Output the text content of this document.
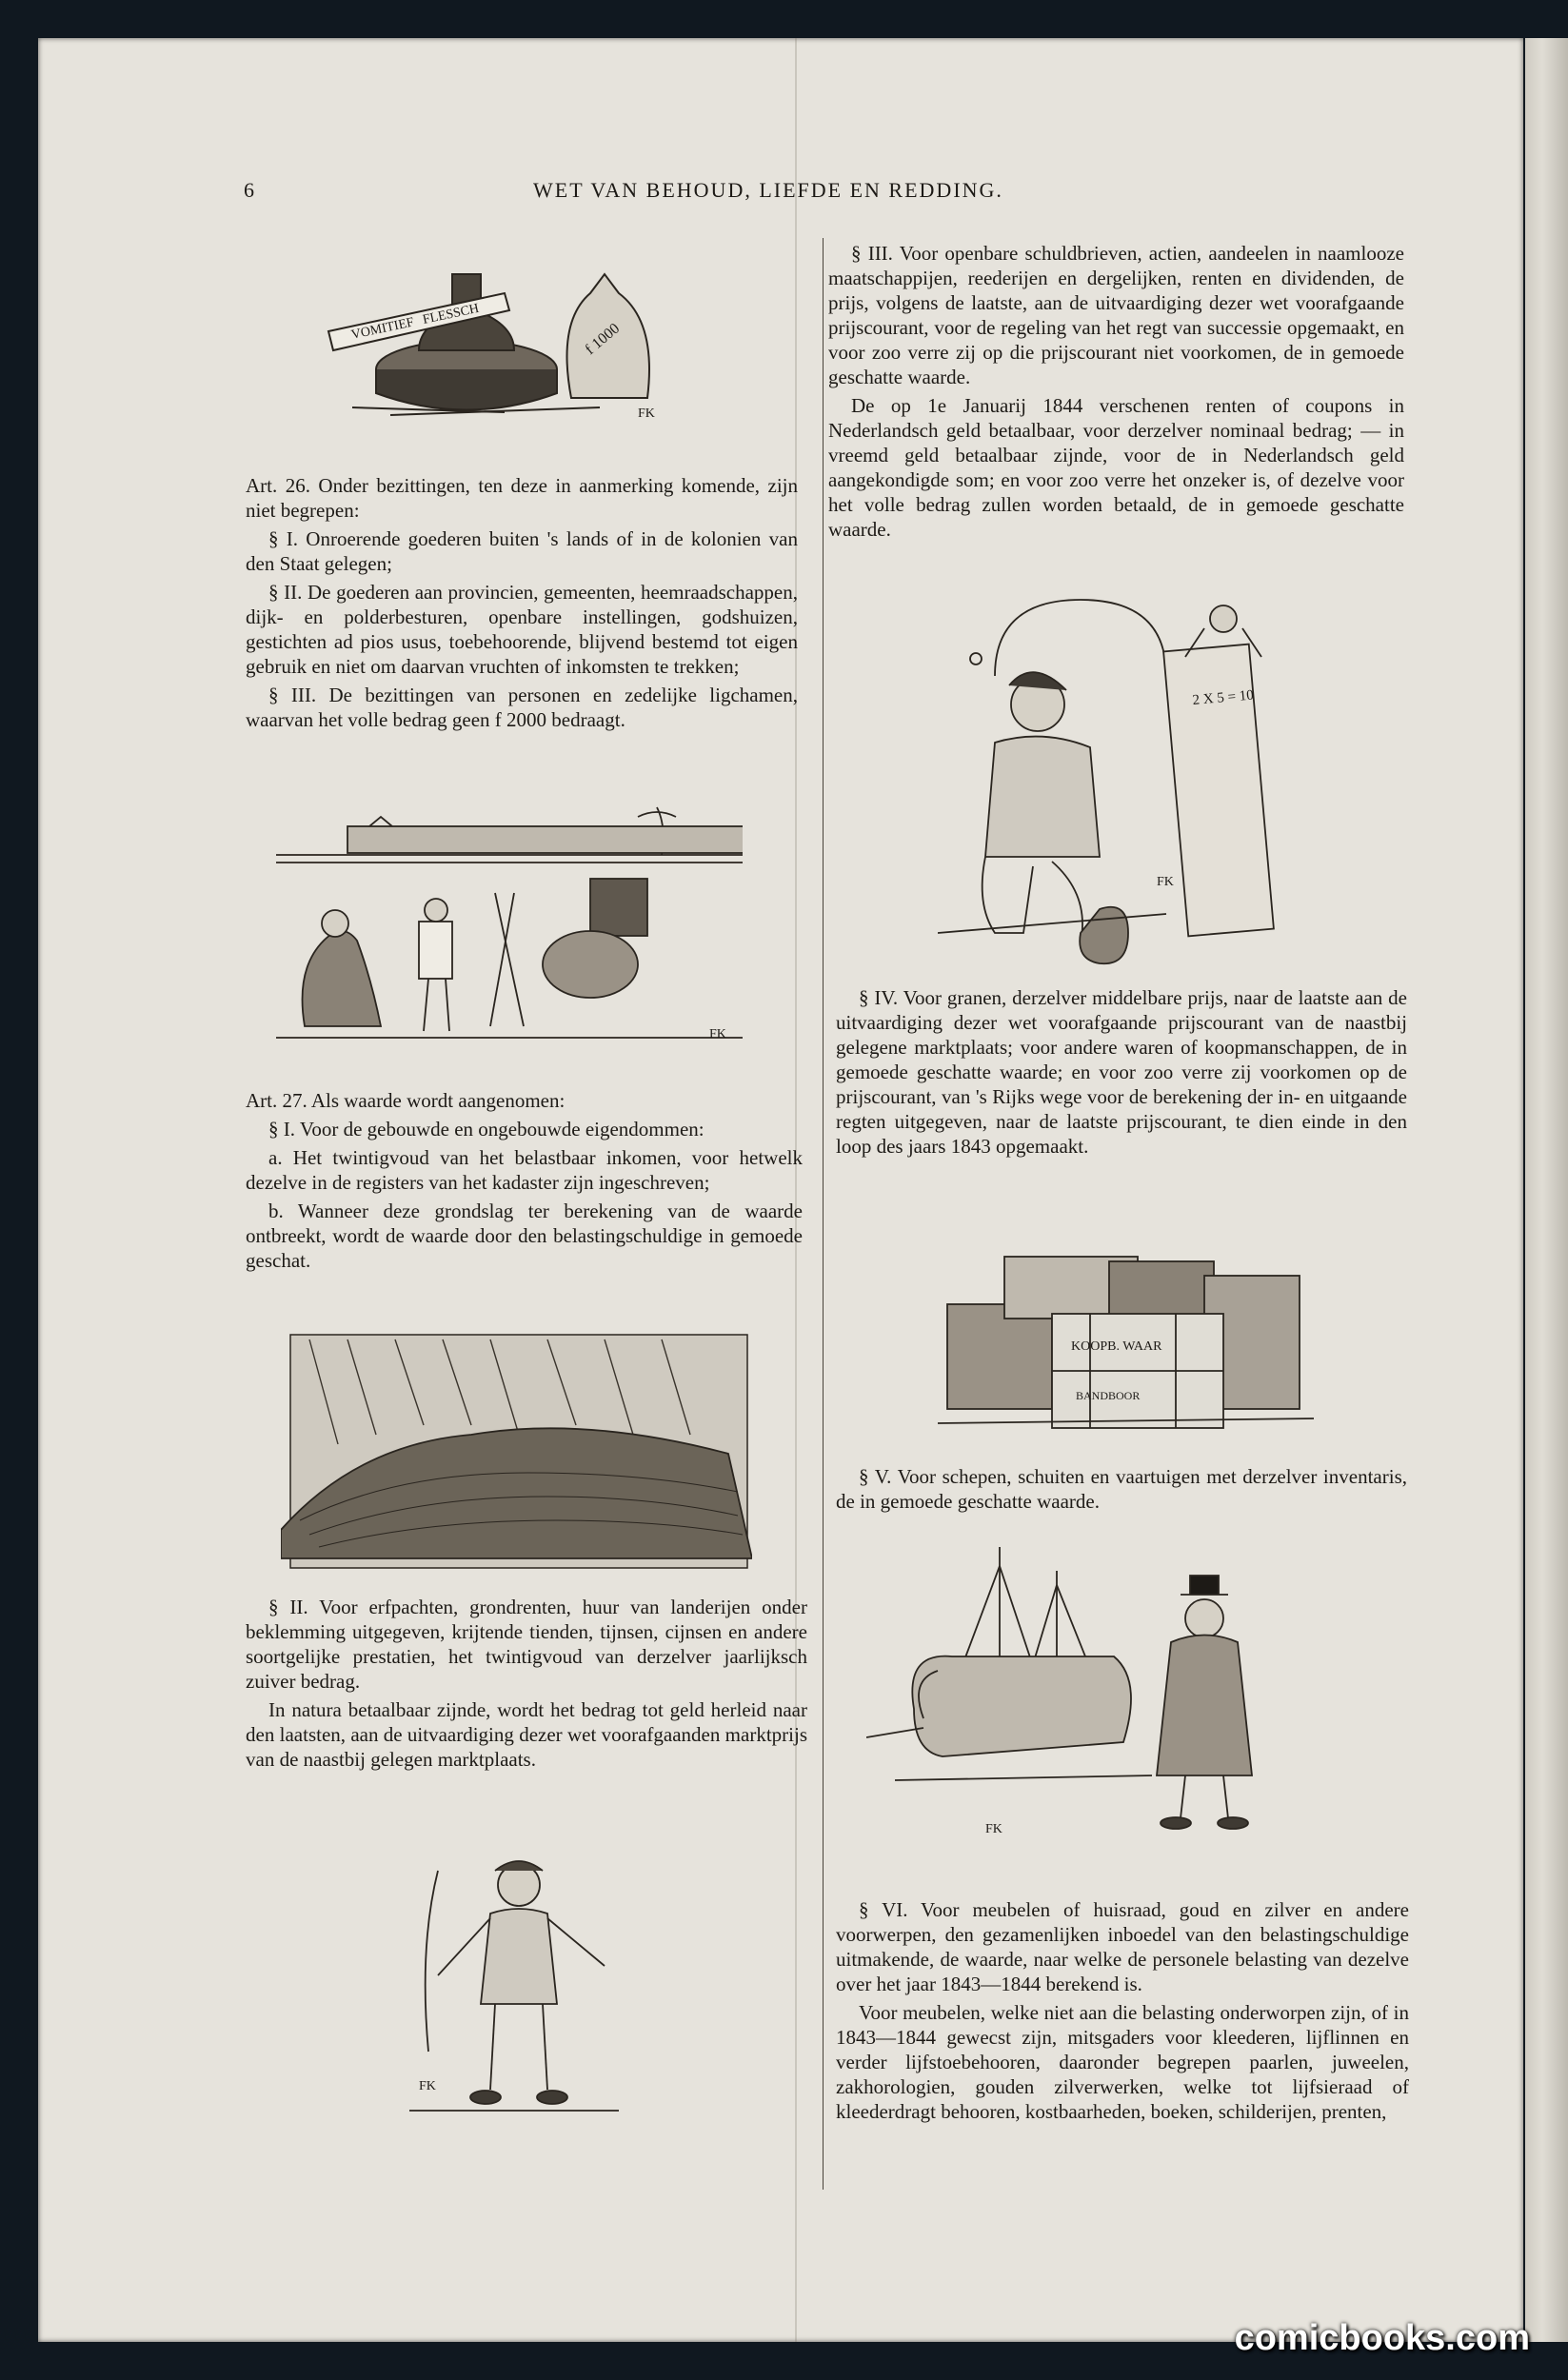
6	WET VAN BEHOUD, LIEFDE EN REDDING.
VOMITIEF
FLESSCH
f 1000
FK

Art. 26. Onder bezittingen, ten deze in aanmerking komende, zijn niet begrepen:

§ I. Onroerende goederen buiten 's lands of in de kolonien van den Staat gelegen;

§ II. De goederen aan provincien, gemeenten, heemraadschappen, dijk- en polderbesturen, openbare instellingen, godshuizen, gestichten ad pios usus, toebehoorende, blijvend bestemd tot eigen gebruik en niet om daarvan vruchten of inkomsten te trekken;

§ III. De bezittingen van personen en zedelijke ligchamen, waarvan het volle bedrag geen f 2000 bedraagt.

FK

Art. 27. Als waarde wordt aangenomen:

§ I. Voor de gebouwde en ongebouwde eigendommen:

a. Het twintigvoud van het belastbaar inkomen, voor hetwelk dezelve in de registers van het kadaster zijn ingeschreven;

b. Wanneer deze grondslag ter berekening van de waarde ontbreekt, wordt de waarde door den belastingschuldige in gemoede geschat.

§ II. Voor erfpachten, grondrenten, huur van landerijen onder beklemming uitgegeven, krijtende tienden, tijnsen, cijnsen en andere soortgelijke prestatien, het twintigvoud van derzelver jaarlijksch zuiver bedrag.

In natura betaalbaar zijnde, wordt het bedrag tot geld herleid naar den laatsten, aan de uitvaardiging dezer wet voorafgaanden marktprijs van de naastbij gelegen marktplaats.

FK

§ III. Voor openbare schuldbrieven, actien, aandeelen in naamlooze maatschappijen, reederijen en dergelijken, renten en dividenden, de prijs, volgens de laatste, aan de uitvaardiging dezer wet voorafgaande prijscourant, voor de regeling van het regt van successie opgemaakt, en voor zoo verre zij op die prijscourant niet voorkomen, de in gemoede geschatte waarde.

De op 1e Januarij 1844 verschenen renten of coupons in Nederlandsch geld betaalbaar, voor derzelver nominaal bedrag; — in vreemd geld betaalbaar zijnde, voor de in Nederlandsch geld aangekondigde som; en voor zoo verre het onzeker is, of dezelve voor het volle bedrag zullen worden betaald, de in gemoede geschatte waarde.

2 X 5 = 10
FK

§ IV. Voor granen, derzelver middelbare prijs, naar de laatste aan de uitvaardiging dezer wet voorafgaande prijscourant van de naastbij gelegene marktplaats; voor andere waren of koopmanschappen, de in gemoede geschatte waarde; en voor zoo verre zij voorkomen op de prijscourant, van 's Rijks wege voor de berekening der in- en uitgaande regten uitgegeven, naar de laatste prijscourant, te dien einde in den loop des jaars 1843 opgemaakt.

KOOPB. WAAR
BANDBOOR

§ V. Voor schepen, schuiten en vaartuigen met derzelver inventaris, de in gemoede geschatte waarde.

FK

§ VI. Voor meubelen of huisraad, goud en zilver en andere voorwerpen, den gezamenlijken inboedel van den belastingschuldige uitmakende, de waarde, naar welke de personele belasting van dezelve over het jaar 1843—1844 berekend is.

Voor meubelen, welke niet aan die belasting onderworpen zijn, of in 1843—1844 gewecst zijn, mitsgaders voor kleederen, lijflinnen en verder lijfstoebehooren, daaronder begrepen paarlen, juweelen, zakhorologien, gouden zilverwerken, welke tot lijfsieraad of kleederdragt behooren, kostbaarheden, boeken, schilderijen, prenten,

comicbooks.com
